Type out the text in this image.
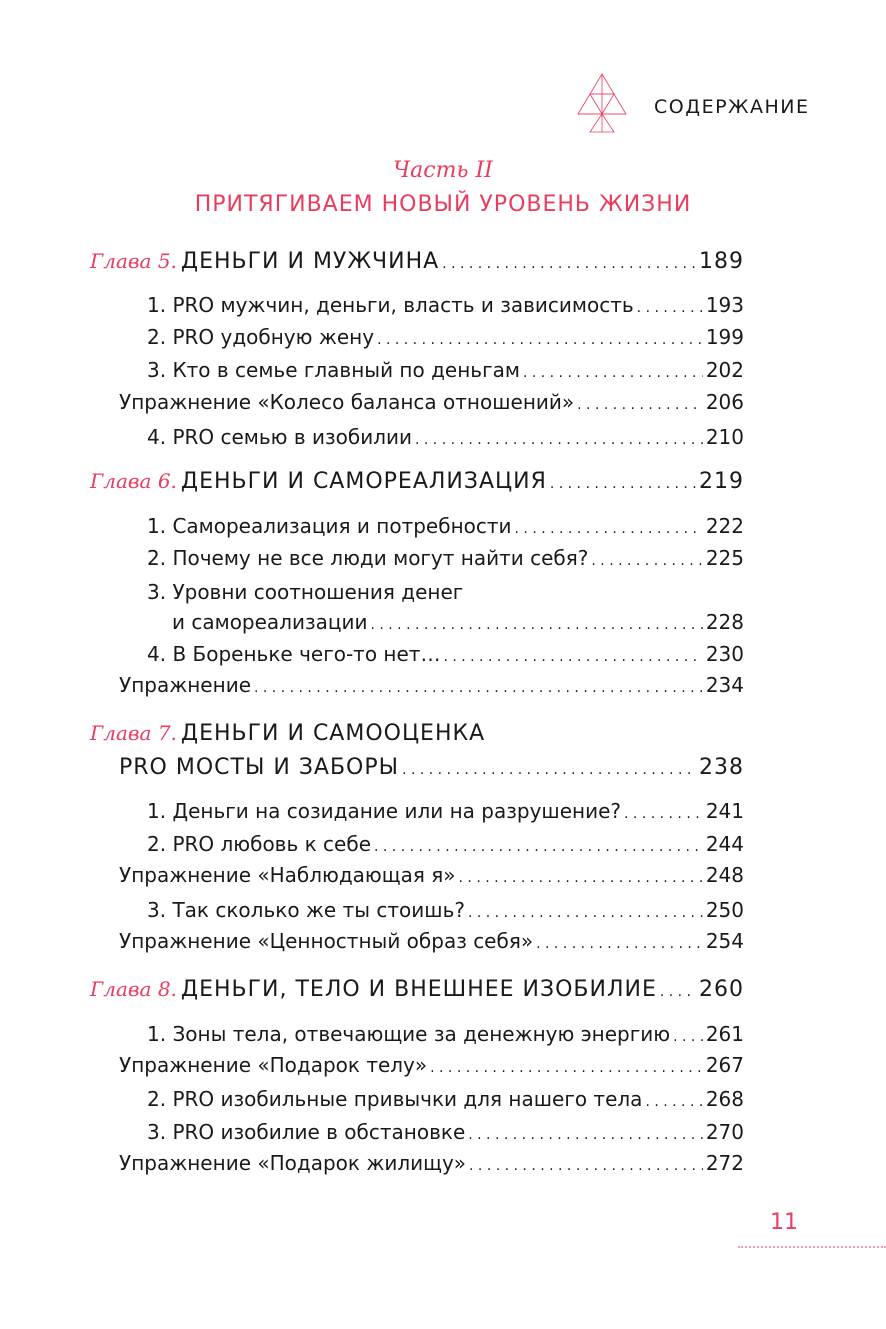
СОДЕРЖАНИЕ
Часть II
ПРИТЯГИВАЕМ НОВЫЙ УРОВЕНЬ ЖИЗНИ
Глава 5. ДЕНЬГИ И МУЖЧИНА . . .	189
1. PRO мужчин, деньги, власть и зависимость . . .	193
2. PRO удобную жену . . .	199
3. Кто в семье главный по деньгам . . .	202
Упражнение «Колесо баланса отношений» . . .	206
4. PRO семью в изобилии . . .	210
Глава 6. ДЕНЬГИ И САМОРЕАЛИЗАЦИЯ . . .	219
1. Самореализация и потребности . . .	222
2. Почему не все люди могут найти себя? . . .	225
3. Уровни соотношения денег
и самореализации . . .	228
4. В Бореньке чего-то нет… . . .	230
Упражнение . . .	234
Глава 7. ДЕНЬГИ И САМООЦЕНКА
PRO МОСТЫ И ЗАБОРЫ . . .	238
1. Деньги на созидание или на разрушение? . . .	241
2. PRO любовь к себе . . .	244
Упражнение «Наблюдающая я» . . .	248
3. Так сколько же ты стоишь? . . .	250
Упражнение «Ценностный образ себя» . . .	254
Глава 8. ДЕНЬГИ, ТЕЛО И ВНЕШНЕЕ ИЗОБИЛИЕ . . . 260
1. Зоны тела, отвечающие за денежную энергию . . . 261
Упражнение «Подарок телу» . . .	267
2. PRO изобильные привычки для нашего тела . . .	268
3. PRO изобилие в обстановке . . .	270
Упражнение «Подарок жилищу» . . .	272
11
